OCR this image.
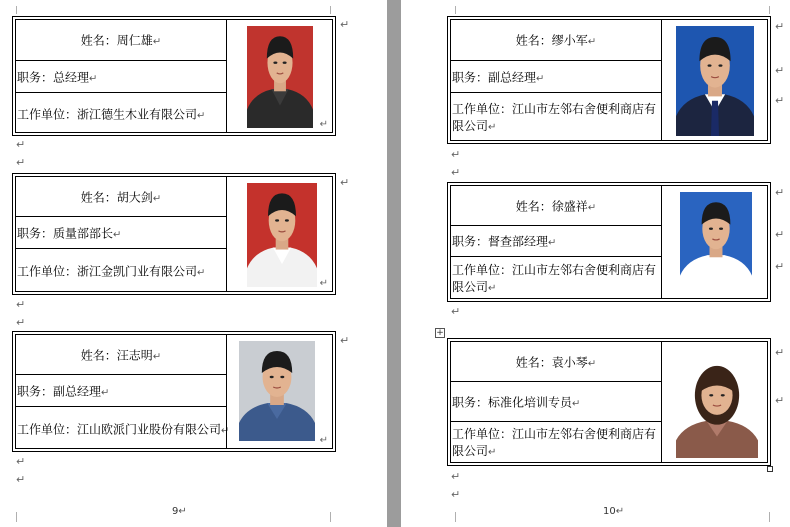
姓名：周仁雄↵
职务：总经理↵
工作单位：浙江德生木业有限公司↵
↵
↵
↵
姓名：胡大剑↵
职务：质量部部长↵
工作单位：浙江金凯门业有限公司↵
↵
↵
↵
姓名：汪志明↵
职务：副总经理↵
工作单位：江山欧派门业股份有限公司↵
↵
↵
↵
9↵
↵
↵
↵
姓名：缪小军↵
职务：副总经理↵
工作单位：江山市左邻右舍便利商店有限公司↵
↵
↵
姓名：徐盛祥↵
职务：督查部经理↵
工作单位：江山市左邻右舍便利商店有限公司↵
↵
+
姓名：袁小琴↵
职务：标准化培训专员↵
工作单位：江山市左邻右舍便利商店有限公司↵
↵
↵
10↵
↵
↵
↵
↵
↵
↵
↵
↵
